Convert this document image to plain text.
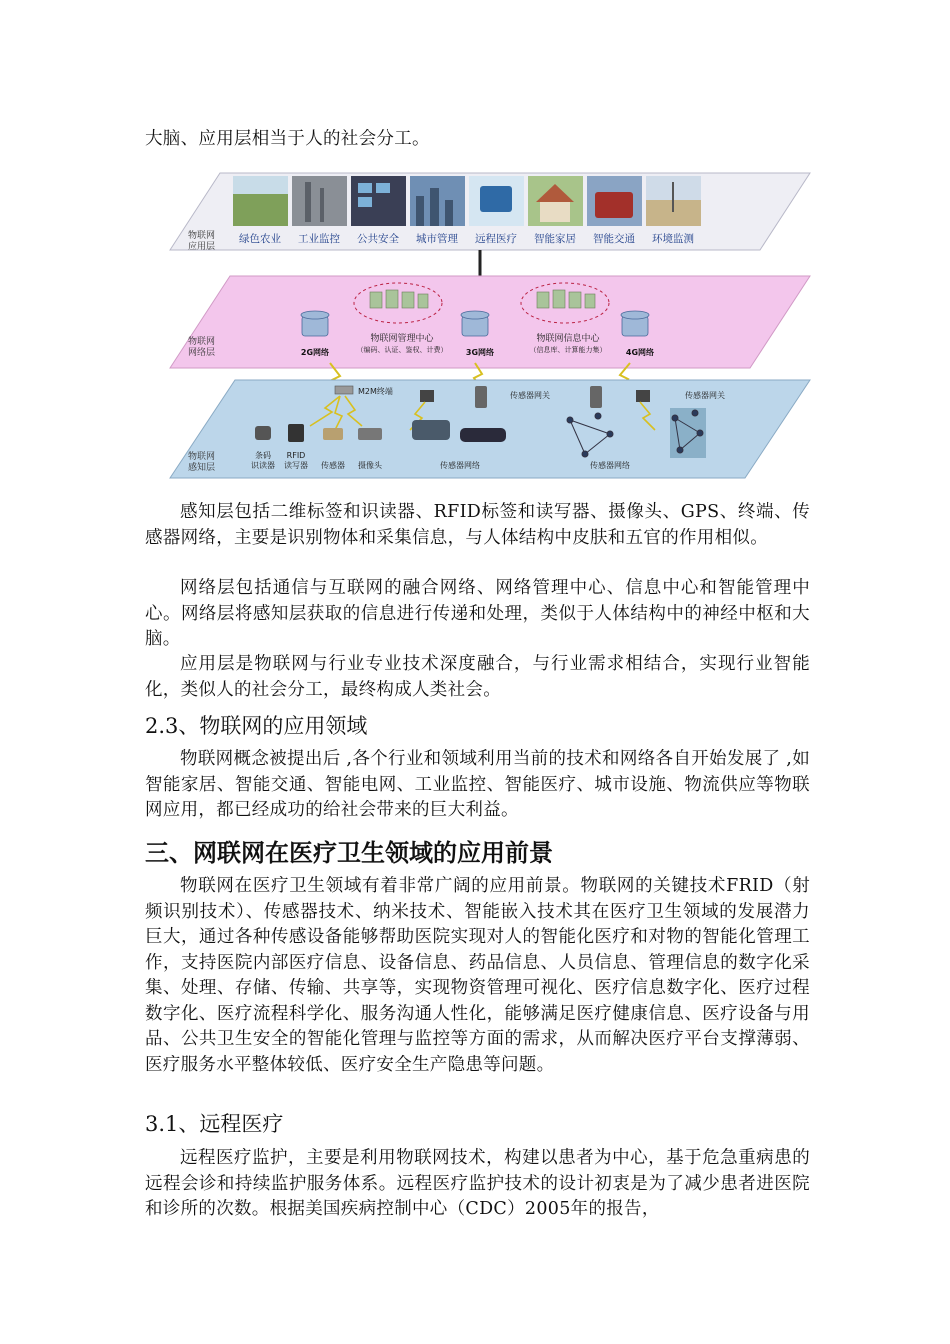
大脑、应用层相当于人的社会分工。

物联网
应用层
绿色农业 工业监控 公共安全 城市管理 远程医疗 智能家居 智能交通 环境监测
物联网
网络层
物联网管理中心
（编码、认证、鉴权、计费）
物联网信息中心
（信息库、计算能力集）
2G网络	3G网络	4G网络
物联网
感知层
M2M终端	传感器网关	传感器网关
条码
识读器
RFID
读写器 传感器 摄像头	传感器网络	传感器网络

感知层包括二维标签和识读器、RFID标签和读写器、摄像头、GPS、终端、传感器网络，主要是识别物体和采集信息，与人体结构中皮肤和五官的作用相似。

网络层包括通信与互联网的融合网络、网络管理中心、信息中心和智能管理中心。网络层将感知层获取的信息进行传递和处理，类似于人体结构中的神经中枢和大脑。

应用层是物联网与行业专业技术深度融合，与行业需求相结合，实现行业智能化，类似人的社会分工，最终构成人类社会。

2.3、物联网的应用领域

物联网概念被提出后 ,各个行业和领域利用当前的技术和网络各自开始发展了 ,如智能家居、智能交通、智能电网、工业监控、智能医疗、城市设施、物流供应等物联网应用，都已经成功的给社会带来的巨大利益。

三、网联网在医疗卫生领域的应用前景

物联网在医疗卫生领域有着非常广阔的应用前景。物联网的关键技术FRID（射频识别技术）、传感器技术、纳米技术、智能嵌入技术其在医疗卫生领域的发展潜力巨大，通过各种传感设备能够帮助医院实现对人的智能化医疗和对物的智能化管理工作，支持医院内部医疗信息、设备信息、药品信息、人员信息、管理信息的数字化采集、处理、存储、传输、共享等，实现物资管理可视化、医疗信息数字化、医疗过程数字化、医疗流程科学化、服务沟通人性化，能够满足医疗健康信息、医疗设备与用品、公共卫生安全的智能化管理与监控等方面的需求，从而解决医疗平台支撑薄弱、医疗服务水平整体较低、医疗安全生产隐患等问题。

3.1、远程医疗

远程医疗监护，主要是利用物联网技术，构建以患者为中心，基于危急重病患的远程会诊和持续监护服务体系。远程医疗监护技术的设计初衷是为了减少患者进医院和诊所的次数。根据美国疾病控制中心（CDC）2005年的报告，
